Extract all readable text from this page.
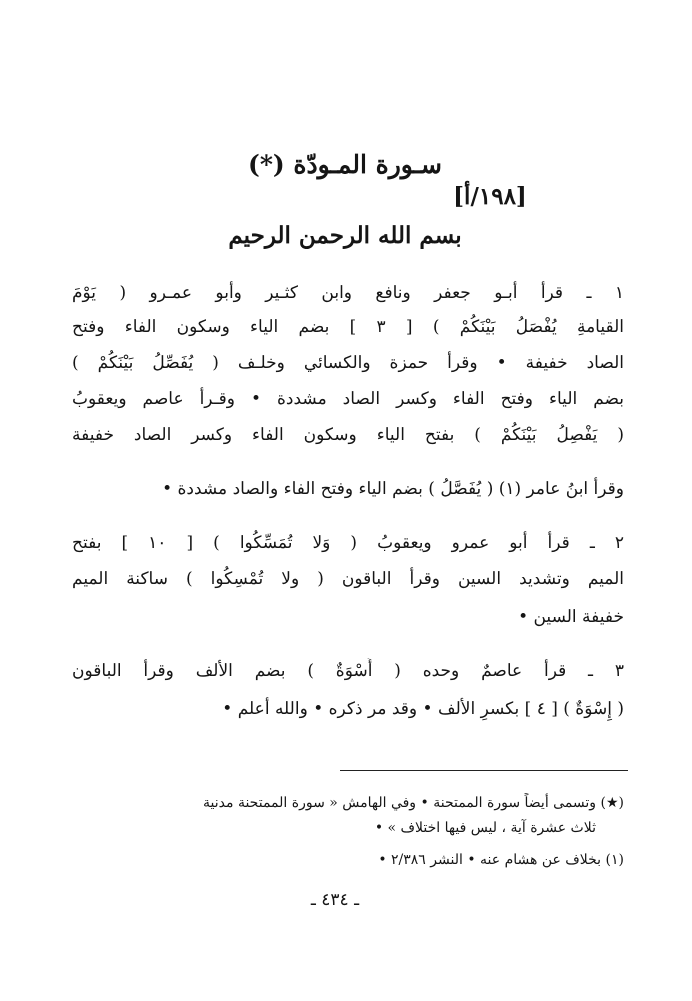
سـورة المـودّة (*)
[١٩٨/أ]
بسم الله الرحمن الرحيم
١ ـ قرأ أبـو جعفر ونافع وابن كثـير وأبو عمـرو ( يَوْمَ
القيامةِ يُفْصَلُ بَيْنَكُمْ ) [ ٣ ] بضم الياء وسكون الفاء وفتح
الصاد خفيفة • وقرأ حمزة والكسائي وخلـف ( يُفَصِّلُ بَيْنَكُمْ )
بضم الياء وفتح الفاء وكسر الصاد مشددة • وقـرأ عاصم ويعقوبُ
( يَفْصِلُ بَيْنَكُمْ ) بفتح الياء وسكون الفاء وكسر الصاد خفيفة
وقرأ ابنُ عامر (١) ( يُفَصَّلُ ) بضم الياء وفتح الفاء والصاد مشددة •
٢ ـ قرأ أبو عمرو ويعقوبُ ( وَلا تُمَسِّكُوا ) [ ١٠ ] بفتح
الميم وتشديد السين وقرأ الباقون ( ولا تُمْسِكُوا ) ساكنة الميم
خفيفة السين •
٣ ـ قرأ عاصمٌ وحده ( أُسْوَةٌ ) بضم الألف وقرأ الباقون
( إِسْوَةٌ ) [ ٤ ] بكسرِ الألف • وقد مر ذكره • والله أعلم •
(★) وتسمى أيضاً سورة الممتحنة • وفي الهامش « سورة الممتحنة مدنية
ثلاث عشرة آية ، ليس فيها اختلاف » •
(١) بخلاف عن هشام عنه • النشر ٢/٣٨٦ •
ـ ٤٣٤ ـ
